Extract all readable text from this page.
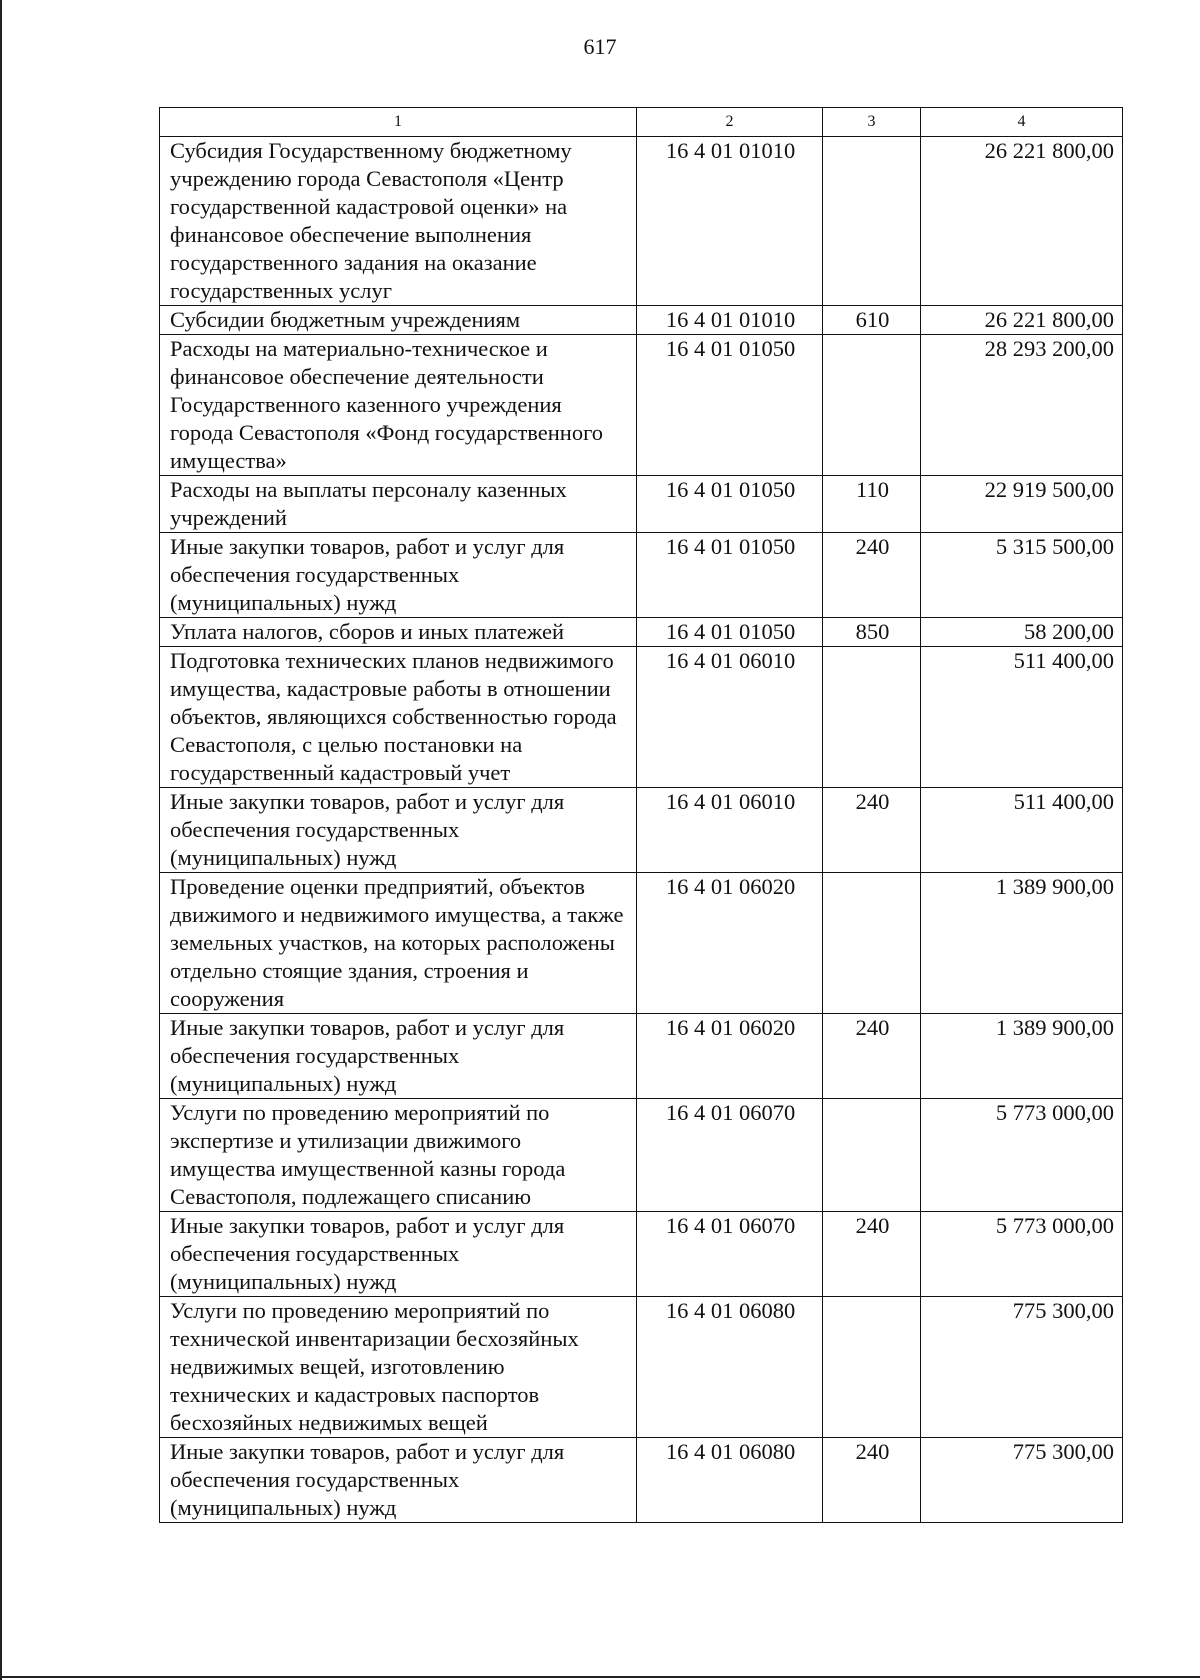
617
1	2	3	4
Субсидия Государственному бюджетному учреждению города Севастополя «Центр государственной кадастровой оценки» на финансовое обеспечение выполнения государственного задания на оказание государственных услуг	16 4 01 01010		26 221 800,00
Субсидии бюджетным учреждениям	16 4 01 01010	610	26 221 800,00
Расходы на материально-техническое и финансовое обеспечение деятельности Государственного казенного учреждения города Севастополя «Фонд государственного имущества»	16 4 01 01050		28 293 200,00
Расходы на выплаты персоналу казенных учреждений	16 4 01 01050	110	22 919 500,00
Иные закупки товаров, работ и услуг для обеспечения государственных (муниципальных) нужд	16 4 01 01050	240	5 315 500,00
Уплата налогов, сборов и иных платежей	16 4 01 01050	850	58 200,00
Подготовка технических планов недвижимого имущества, кадастровые работы в отношении объектов, являющихся собственностью города Севастополя, с целью постановки на государственный кадастровый учет	16 4 01 06010		511 400,00
Иные закупки товаров, работ и услуг для обеспечения государственных (муниципальных) нужд	16 4 01 06010	240	511 400,00
Проведение оценки предприятий, объектов движимого и недвижимого имущества, а также земельных участков, на которых расположены отдельно стоящие здания, строения и сооружения	16 4 01 06020		1 389 900,00
Иные закупки товаров, работ и услуг для обеспечения государственных (муниципальных) нужд	16 4 01 06020	240	1 389 900,00
Услуги по проведению мероприятий по экспертизе и утилизации движимого имущества имущественной казны города Севастополя, подлежащего списанию	16 4 01 06070		5 773 000,00
Иные закупки товаров, работ и услуг для обеспечения государственных (муниципальных) нужд	16 4 01 06070	240	5 773 000,00
Услуги по проведению мероприятий по технической инвентаризации бесхозяйных недвижимых вещей, изготовлению технических и кадастровых паспортов бесхозяйных недвижимых вещей	16 4 01 06080		775 300,00
Иные закупки товаров, работ и услуг для обеспечения государственных (муниципальных) нужд	16 4 01 06080	240	775 300,00
